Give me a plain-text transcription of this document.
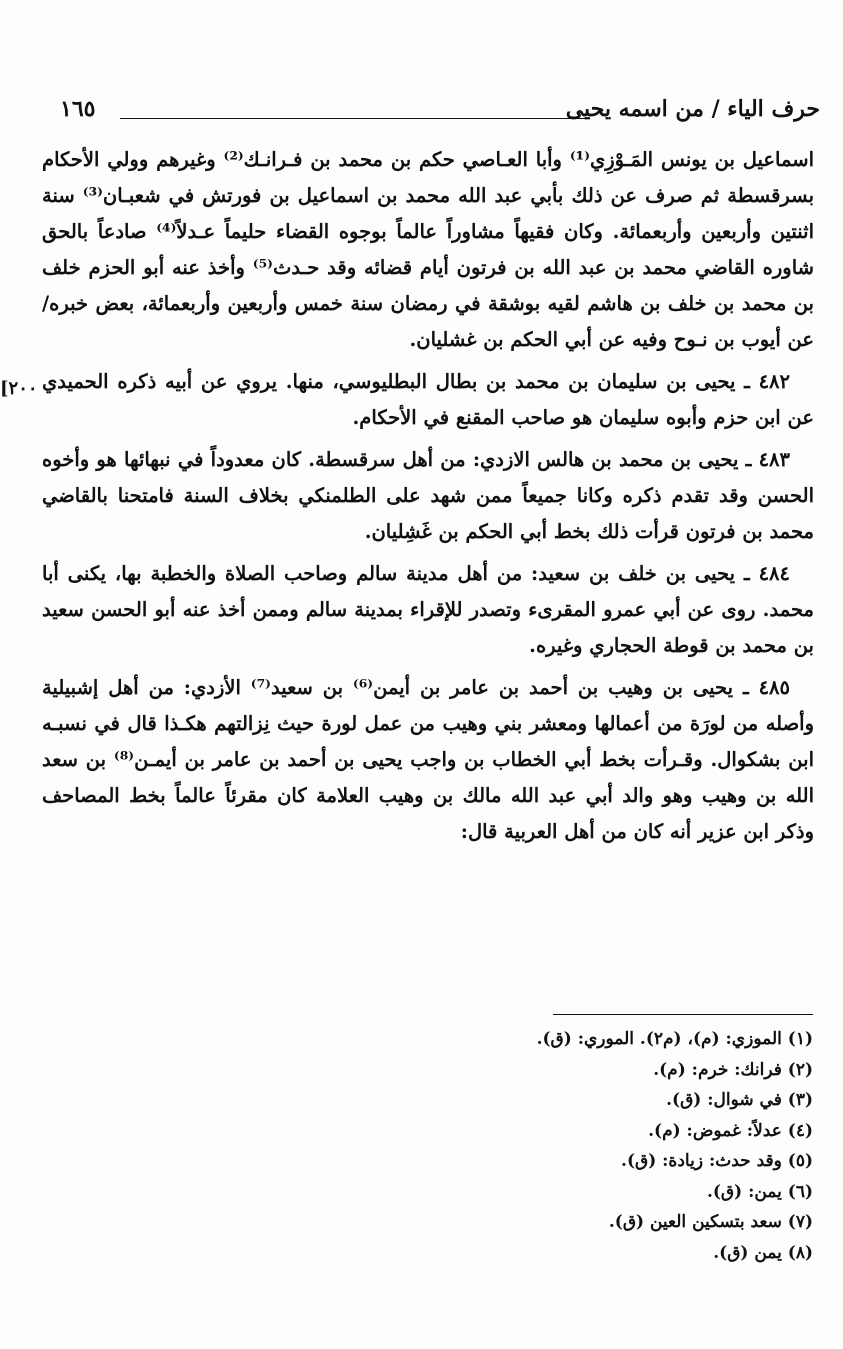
١٦٥	حرف الياء / من اسمه يحيى
[٢٠٠

اسماعيل بن يونس المَـوْزِي⁽¹⁾ وأبا العـاصي حكم بن محمد بن فـرانـك⁽²⁾ وغيرهم وولي الأحكام بسرقسطة ثم صرف عن ذلك بأبي عبد الله محمد بن اسماعيل بن فورتش في شعبـان⁽³⁾ سنة اثنتين وأربعين وأربعمائة. وكان فقيهاً مشاوراً عالماً بوجوه القضاء حليماً عـدلاً⁽⁴⁾ صادعاً بالحق شاوره القاضي محمد بن عبد الله بن فرتون أيام قضائه وقد حـدث⁽⁵⁾ وأخذ عنه أبو الحزم خلف بن محمد بن خلف بن هاشم لقيه بوشقة في رمضان سنة خمس وأربعين وأربعمائة، بعض خبره/ عن أيوب بن نـوح وفيه عن أبي الحكم بن غشليان.

٤٨٢ ـ يحيى بن سليمان بن محمد بن بطال البطليوسي، منها. يروي عن أبيه ذكره الحميدي عن ابن حزم وأبوه سليمان هو صاحب المقنع في الأحكام.

٤٨٣ ـ يحيى بن محمد بن هالس الازدي: من أهل سرقسطة. كان معدوداً في نبهائها هو وأخوه الحسن وقد تقدم ذكره وكانا جميعاً ممن شهد على الطلمنكي بخلاف السنة فامتحنا بالقاضي محمد بن فرتون قرأت ذلك بخط أبي الحكم بن غَشِليان.

٤٨٤ ـ يحيى بن خلف بن سعيد: من أهل مدينة سالم وصاحب الصلاة والخطبة بها، يكنى أبا محمد. روى عن أبي عمرو المقرىء وتصدر للإقراء بمدينة سالم وممن أخذ عنه أبو الحسن سعيد بن محمد بن قوطة الحجاري وغيره.

٤٨٥ ـ يحيى بن وهيب بن أحمد بن عامر بن أيمن⁽⁶⁾ بن سعيد⁽⁷⁾ الأزدي: من أهل إشبيلية وأصله من لورَة من أعمالها ومعشر بني وهيب من عمل لورة حيث نِزالتهم هكـذا قال في نسبـه ابن بشكوال. وقـرأت بخط أبي الخطاب بن واجب يحيى بن أحمد بن عامر بن أيمـن⁽⁸⁾ بن سعد الله بن وهيب وهو والد أبي عبد الله مالك بن وهيب العلامة كان مقرئاً عالماً بخط المصاحف وذكر ابن عزير أنه كان من أهل العربية قال:

(١) الموزي: (م)، (م٢). الموري: (ق).
(٢) فرانك: خرم: (م).
(٣) في شوال: (ق).
(٤) عدلاً: غموض: (م).
(٥) وقد حدث: زيادة: (ق).
(٦) يمن: (ق).
(٧) سعد بتسكين العين (ق).
(٨) يمن (ق).
